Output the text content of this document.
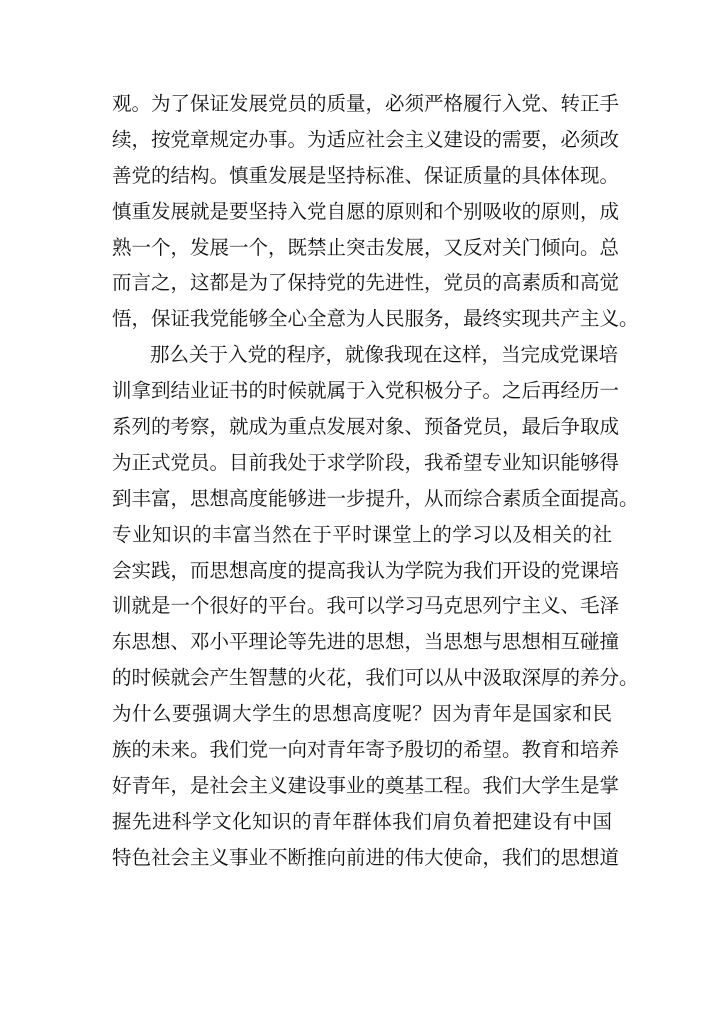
观。为了保证发展党员的质量，必须严格履行入党、转正手
续，按党章规定办事。为适应社会主义建设的需要，必须改
善党的结构。慎重发展是坚持标准、保证质量的具体体现。
慎重发展就是要坚持入党自愿的原则和个别吸收的原则，成
熟一个，发展一个，既禁止突击发展，又反对关门倾向。总
而言之，这都是为了保持党的先进性，党员的高素质和高觉
悟，保证我党能够全心全意为人民服务，最终实现共产主义。
那么关于入党的程序，就像我现在这样，当完成党课培
训拿到结业证书的时候就属于入党积极分子。之后再经历一
系列的考察，就成为重点发展对象、预备党员，最后争取成
为正式党员。目前我处于求学阶段，我希望专业知识能够得
到丰富，思想高度能够进一步提升，从而综合素质全面提高。
专业知识的丰富当然在于平时课堂上的学习以及相关的社
会实践，而思想高度的提高我认为学院为我们开设的党课培
训就是一个很好的平台。我可以学习马克思列宁主义、毛泽
东思想、邓小平理论等先进的思想，当思想与思想相互碰撞
的时候就会产生智慧的火花，我们可以从中汲取深厚的养分。
为什么要强调大学生的思想高度呢？因为青年是国家和民
族的未来。我们党一向对青年寄予殷切的希望。教育和培养
好青年，是社会主义建设事业的奠基工程。我们大学生是掌
握先进科学文化知识的青年群体我们肩负着把建设有中国
特色社会主义事业不断推向前进的伟大使命，我们的思想道
